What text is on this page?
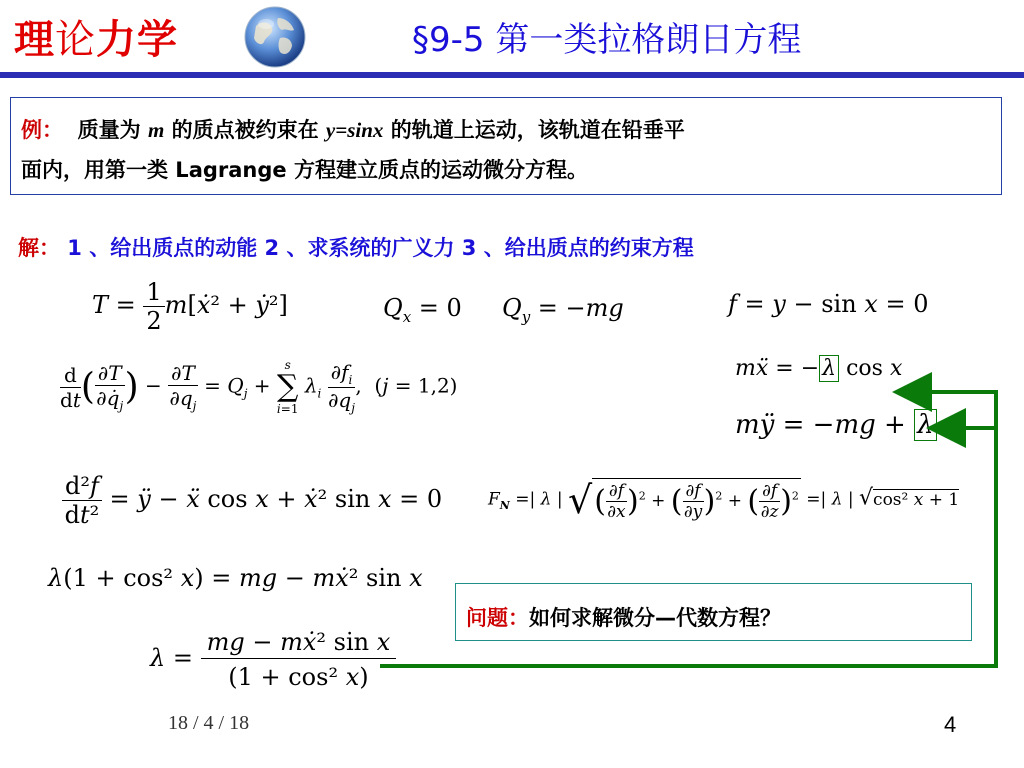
理论力学	§9-5 第一类拉格朗日方程
例： 质量为 m 的质点被约束在 y=sinx 的轨道上运动，该轨道在铅垂平
面内，用第一类 Lagrange 方程建立质点的运动微分方程。
解： 1 、给出质点的动能 2 、求系统的广义力 3 、给出质点的约束方程
$T = \frac{1}{2}$ m[ẋ² + ẏ²]	$Q_x = 0$ $Q_y = -mg$	f = y − sin x = 0
$\frac{d}{dt}$ ( $\frac{\partial T}{\partial q̇_j}$ ) − $\frac{\partial T}{\partial q_j} = Q_j$ +
s
∑
i=1
$\lambda_i \frac{\partial f_i}{\partial q_j}$ ,  (j = 1,2)
mẍ = − λ cos x
mÿ = −mg + λ
$\frac{\text{d²f}}{\text{dt²}}$ = ÿ − ẍ cos x + ẋ² sin x = 0	$F_N$ =| λ | √( $\frac{\partial f}{\partial x} )^2$ + ( $\frac{\partial f}{\partial y} )^2$ + ( $\frac{\partial f}{\partial z} )^2$ =| λ | √cos² x + 1
λ(1 + cos² x) = mg − mẋ² sin x
$\lambda = \frac{\text{mg − mẋ² sin x}}{\text{(1 + cos² x)}}$
问题：如何求解微分—代数方程？
18 / 4 / 18	4
